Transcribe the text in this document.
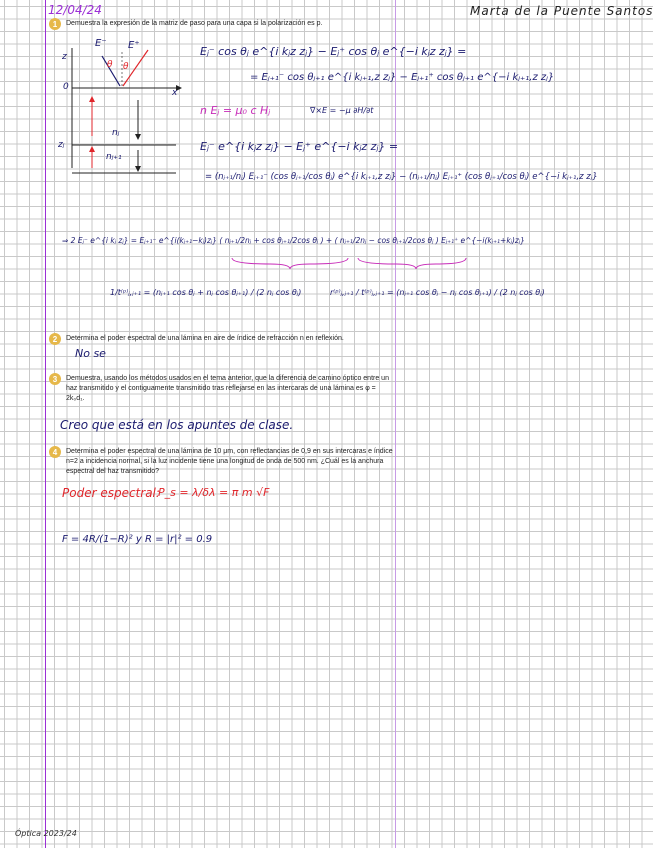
12/04/24	Marta de la Puente Santos
1 Demuestra la expresión de la matriz de paso para una capa si la polarización es p.
z
x
0
zⱼ
E⁻ E⁺
θ θ
nⱼ
nⱼ₊₁
Eⱼ⁻ cos θⱼ e^{i kⱼz zⱼ} − Eⱼ⁺ cos θⱼ e^{−i kⱼz zⱼ} =
= Eⱼ₊₁⁻ cos θⱼ₊₁ e^{i kⱼ₊₁,z zⱼ} − Eⱼ₊₁⁺ cos θⱼ₊₁ e^{−i kⱼ₊₁,z zⱼ}
n Eⱼ = μ₀ c Hⱼ	∇×E = −μ ∂H/∂t
Eⱼ⁻ e^{i kⱼz zⱼ} − Eⱼ⁺ e^{−i kⱼz zⱼ} =
= (nⱼ₊₁/nⱼ) Eⱼ₊₁⁻ (cos θⱼ₊₁/cos θⱼ) e^{i kⱼ₊₁,z zⱼ} − (nⱼ₊₁/nⱼ) Eⱼ₊₁⁺ (cos θⱼ₊₁/cos θⱼ) e^{−i kⱼ₊₁,z zⱼ}
⇒ 2 Eⱼ⁻ e^{i kⱼ zⱼ} = Eⱼ₊₁⁻ e^{i(kⱼ₊₁−kⱼ)zⱼ} ( nⱼ₊₁/2nⱼ + cos θⱼ₊₁/2cos θⱼ ) + ( nⱼ₊₁/2nⱼ − cos θⱼ₊₁/2cos θⱼ ) Eⱼ₊₁⁺ e^{−i(kⱼ₊₁+kⱼ)zⱼ}
1/t⁽ᵖ⁾ⱼ,ⱼ₊₁ = (nⱼ₊₁ cos θⱼ + nⱼ cos θⱼ₊₁) / (2 nⱼ cos θⱼ)	r⁽ᵖ⁾ⱼ,ⱼ₊₁ / t⁽ᵖ⁾ⱼ,ⱼ₊₁ = (nⱼ₊₁ cos θⱼ − nⱼ cos θⱼ₊₁) / (2 nⱼ cos θⱼ)
2 Determina el poder espectral de una lámina en aire de índice de refracción n en reflexión.
No se
3 Demuestra, usando los métodos usados en el tema anterior, que la diferencia de camino óptico entre un haz transmitido y el contiguamente transmitido tras reflejarse en las intercaras de una lámina es φ = 2k₀d₁.
Creo que está en los apuntes de clase.
4 Determina el poder espectral de una lámina de 10 μm, con reflectancias de 0,9 en sus intercaras e índice n=2 a incidencia normal, si la luz incidente tiene una longitud de onda de 500 nm. ¿Cuál es la anchura espectral del haz transmitido?
Poder espectral:
P_s = λ/δλ = π m √F
F = 4R/(1−R)² y R = |r|² = 0.9
Óptica 2023/24
